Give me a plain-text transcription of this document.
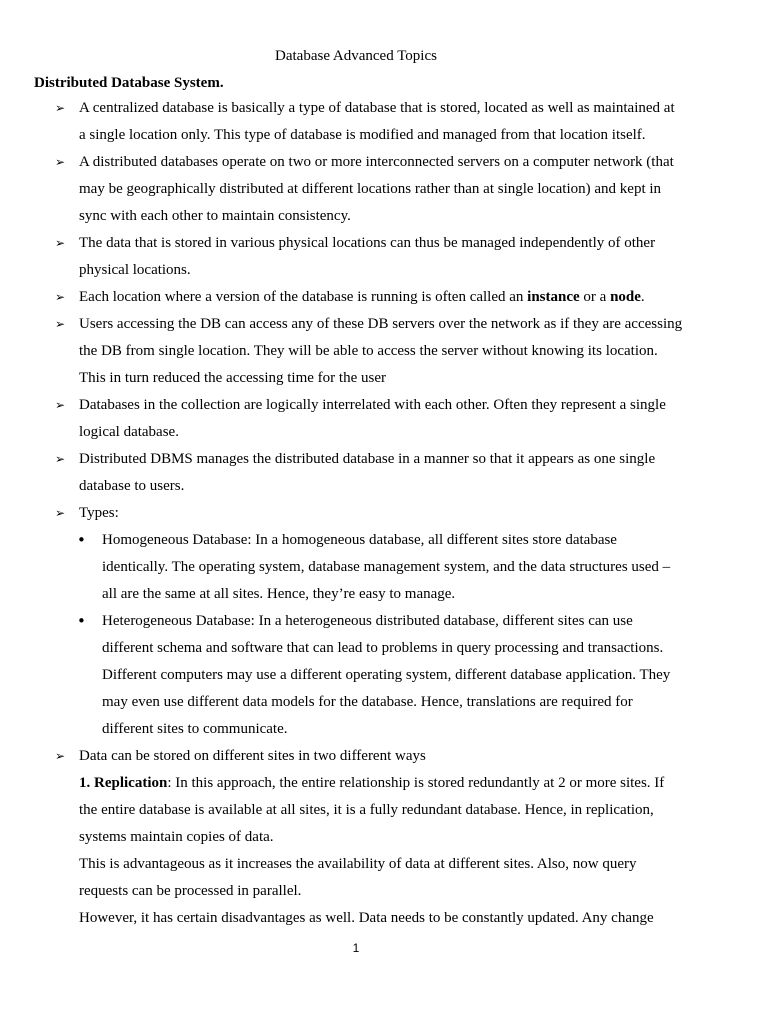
Database Advanced Topics
Distributed Database System.
➢ A centralized database is basically a type of database that is stored, located as well as maintained at a single location only. This type of database is modified and managed from that location itself.
➢ A distributed databases operate on two or more interconnected servers on a computer network (that may be geographically distributed at different locations rather than at single location) and kept in sync with each other to maintain consistency.
➢ The data that is stored in various physical locations can thus be managed independently of other physical locations.
➢ Each location where a version of the database is running is often called an instance or a node.
➢ Users accessing the DB can access any of these DB servers over the network as if they are accessing the DB from single location. They will be able to access the server without knowing its location. This in turn reduced the accessing time for the user
➢ Databases in the collection are logically interrelated with each other. Often they represent a single logical database.
➢ Distributed DBMS manages the distributed database in a manner so that it appears as one single database to users.
➢ Types:
• Homogeneous Database: In a homogeneous database, all different sites store database identically. The operating system, database management system, and the data structures used – all are the same at all sites. Hence, they’re easy to manage.
• Heterogeneous Database: In a heterogeneous distributed database, different sites can use different schema and software that can lead to problems in query processing and transactions. Different computers may use a different operating system, different database application. They may even use different data models for the database. Hence, translations are required for different sites to communicate.
➢ Data can be stored on different sites in two different ways
1. Replication: In this approach, the entire relationship is stored redundantly at 2 or more sites. If the entire database is available at all sites, it is a fully redundant database. Hence, in replication, systems maintain copies of data.
This is advantageous as it increases the availability of data at different sites. Also, now query requests can be processed in parallel.
However, it has certain disadvantages as well. Data needs to be constantly updated. Any change
1
